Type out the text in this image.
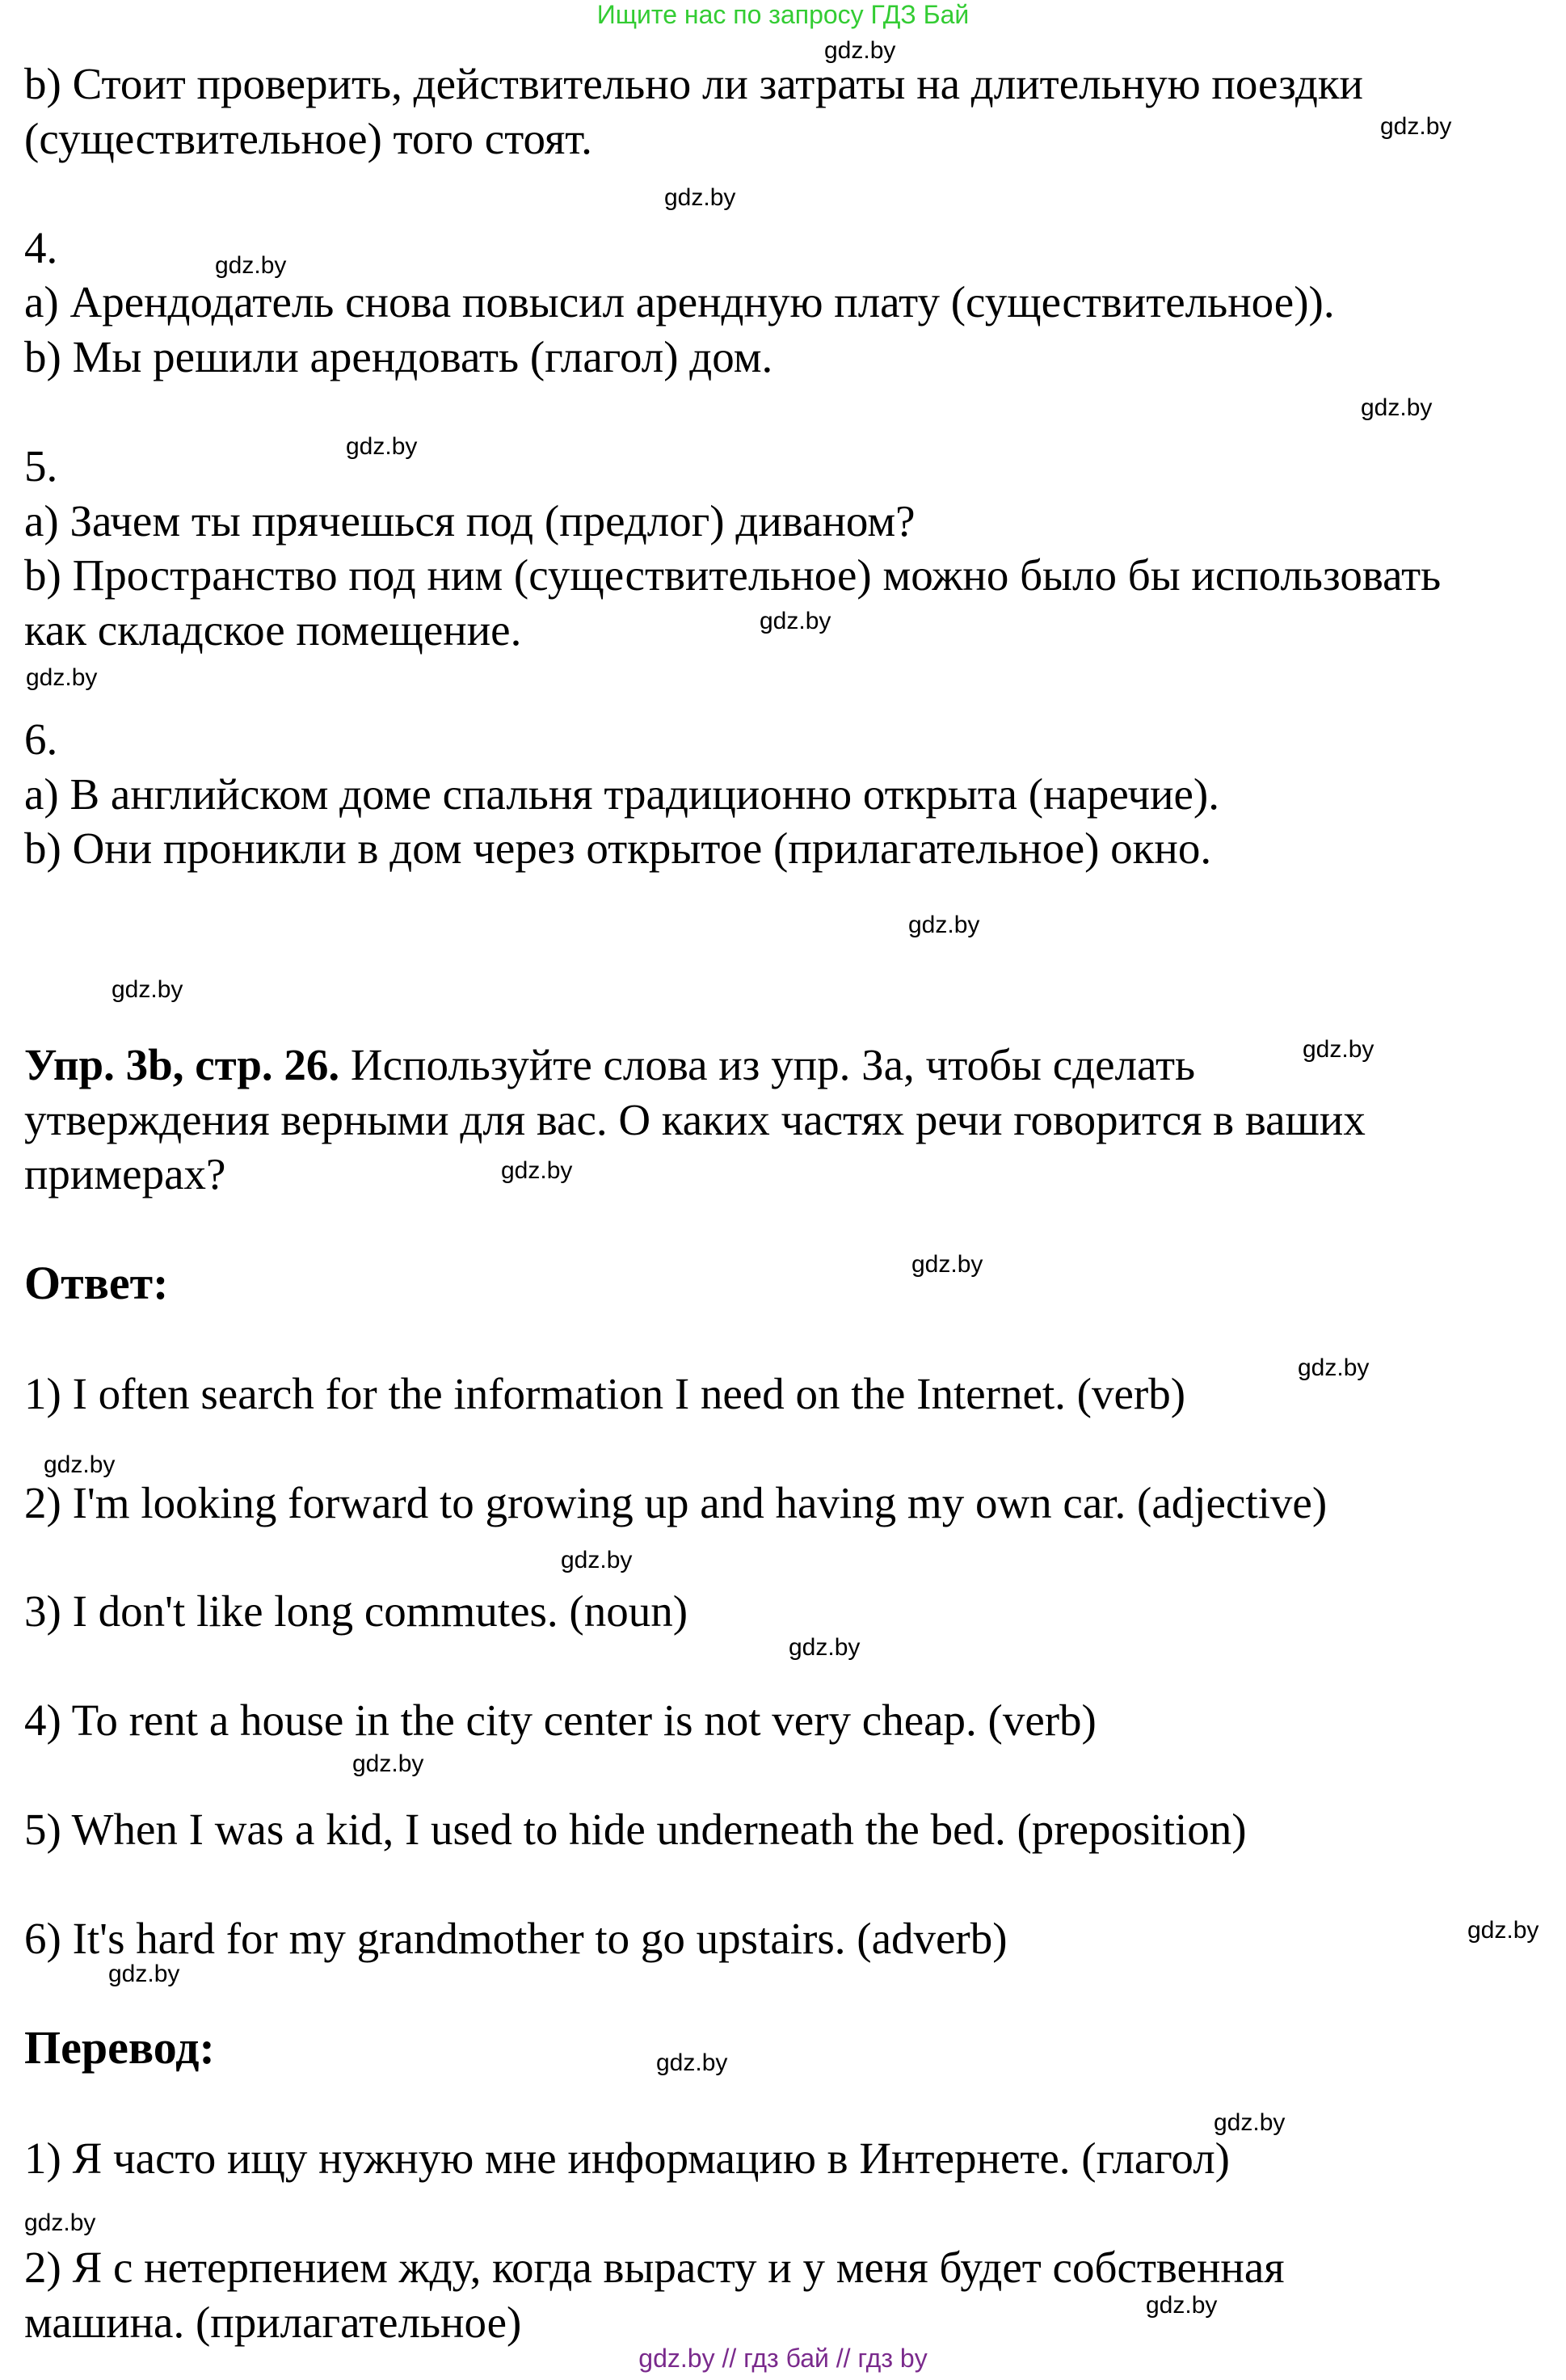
Ищите нас по запросу ГДЗ Бай
b) Стоит проверить, действительно ли затраты на длительную поездки
(существительное) того стоят.
4.
a) Арендодатель снова повысил арендную плату (существительное)).
b) Мы решили арендовать (глагол) дом.
5.
a) Зачем ты прячешься под (предлог) диваном?
b) Пространство под ним (существительное) можно было бы использовать
как складское помещение.
6.
a) В английском доме спальня традиционно открыта (наречие).
b) Они проникли в дом через открытое (прилагательное) окно.
Упр. 3b, стр. 26. Используйте слова из упр. За, чтобы сделать
утверждения верными для вас. О каких частях речи говорится в ваших
примерах?
Ответ:
1) I often search for the information I need on the Internet. (verb)
2) I'm looking forward to growing up and having my own car. (adjective)
3) I don't like long commutes. (noun)
4) To rent a house in the city center is not very cheap. (verb)
5) When I was a kid, I used to hide underneath the bed. (preposition)
6) It's hard for my grandmother to go upstairs. (adverb)
Перевод:
1) Я часто ищу нужную мне информацию в Интернете. (глагол)
2) Я с нетерпением жду, когда вырасту и у меня будет собственная
машина. (прилагательное)
gdz.by
gdz.by
gdz.by
gdz.by
gdz.by
gdz.by
gdz.by
gdz.by
gdz.by
gdz.by
gdz.by
gdz.by
gdz.by
gdz.by
gdz.by
gdz.by
gdz.by
gdz.by
gdz.by
gdz.by
gdz.by
gdz.by
gdz.by
gdz.by
gdz.by // гдз бай // гдз by
